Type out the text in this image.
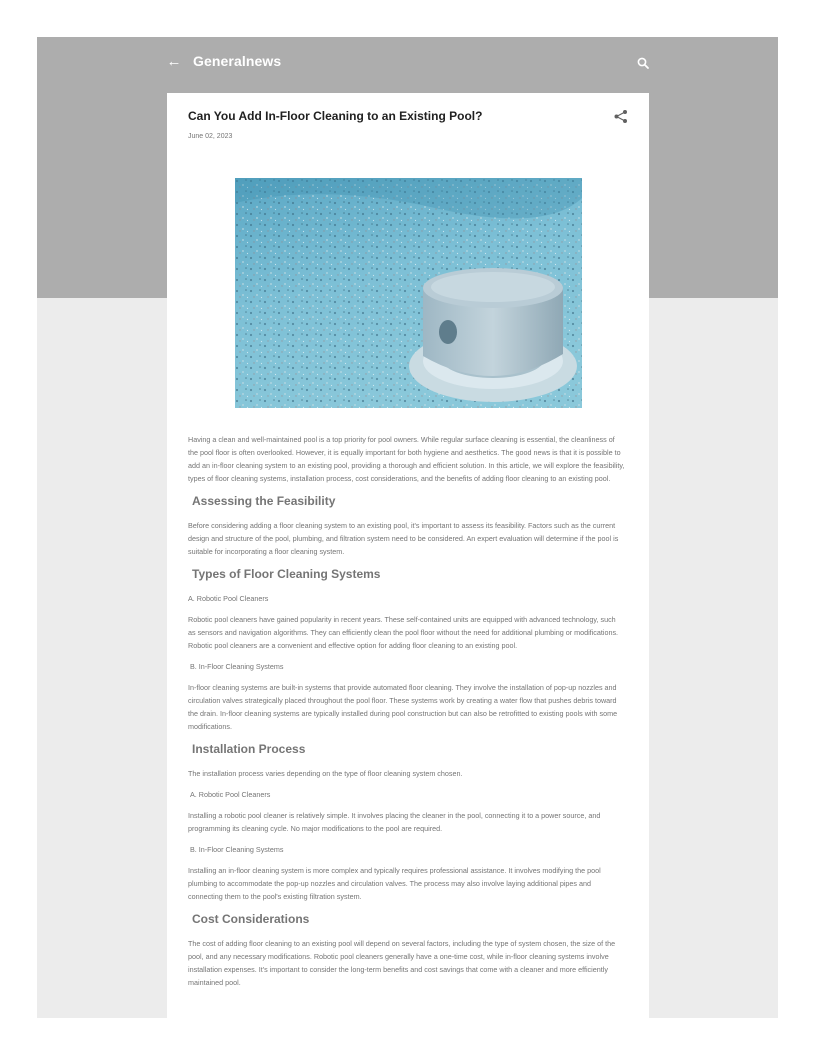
← Generalnews
Can You Add In-Floor Cleaning to an Existing Pool?
June 02, 2023

Having a clean and well-maintained pool is a top priority for pool owners. While regular surface cleaning is essential, the cleanliness of the pool floor is often overlooked. However, it is equally important for both hygiene and aesthetics. The good news is that it is possible to add an in-floor cleaning system to an existing pool, providing a thorough and efficient solution. In this article, we will explore the feasibility, types of floor cleaning systems, installation process, cost considerations, and the benefits of adding floor cleaning to an existing pool.

Assessing the Feasibility

Before considering adding a floor cleaning system to an existing pool, it's important to assess its feasibility. Factors such as the current design and structure of the pool, plumbing, and filtration system need to be considered. An expert evaluation will determine if the pool is suitable for incorporating a floor cleaning system.

Types of Floor Cleaning Systems

A. Robotic Pool Cleaners

Robotic pool cleaners have gained popularity in recent years. These self-contained units are equipped with advanced technology, such as sensors and navigation algorithms. They can efficiently clean the pool floor without the need for additional plumbing or modifications. Robotic pool cleaners are a convenient and effective option for adding floor cleaning to an existing pool.

B. In-Floor Cleaning Systems

In-floor cleaning systems are built-in systems that provide automated floor cleaning. They involve the installation of pop-up nozzles and circulation valves strategically placed throughout the pool floor. These systems work by creating a water flow that pushes debris toward the drain. In-floor cleaning systems are typically installed during pool construction but can also be retrofitted to existing pools with some modifications.

Installation Process

The installation process varies depending on the type of floor cleaning system chosen.

A. Robotic Pool Cleaners

Installing a robotic pool cleaner is relatively simple. It involves placing the cleaner in the pool, connecting it to a power source, and programming its cleaning cycle. No major modifications to the pool are required.

B. In-Floor Cleaning Systems

Installing an in-floor cleaning system is more complex and typically requires professional assistance. It involves modifying the pool plumbing to accommodate the pop-up nozzles and circulation valves. The process may also involve laying additional pipes and connecting them to the pool's existing filtration system.

Cost Considerations

The cost of adding floor cleaning to an existing pool will depend on several factors, including the type of system chosen, the size of the pool, and any necessary modifications. Robotic pool cleaners generally have a one-time cost, while in-floor cleaning systems involve installation expenses. It's important to consider the long-term benefits and cost savings that come with a cleaner and more efficiently maintained pool.
